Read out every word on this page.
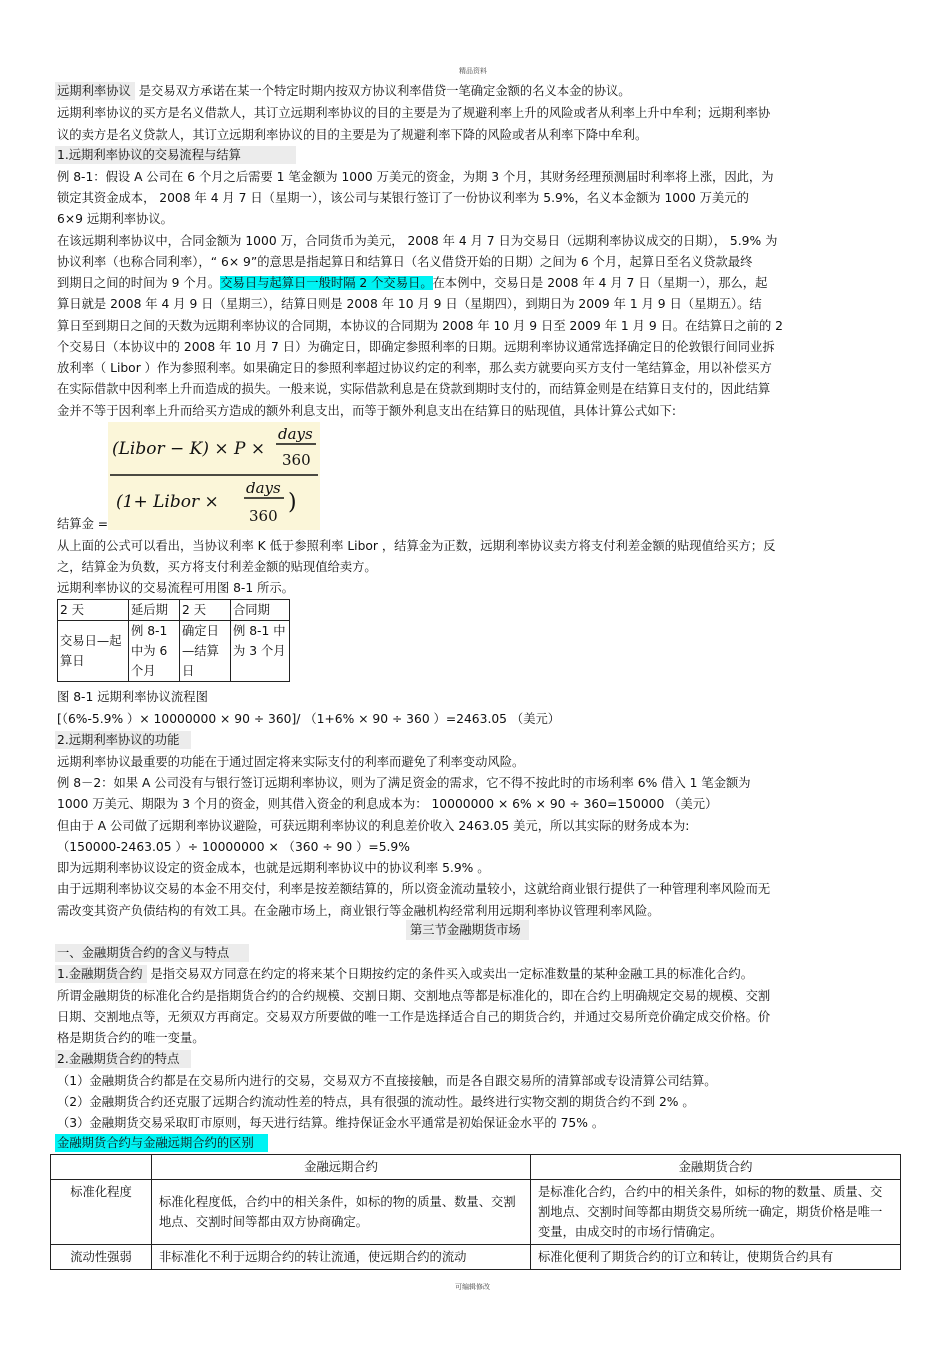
精品资料
远期利率协议 是交易双方承诺在某一个特定时期内按双方协议利率借贷一笔确定金额的名义本金的协议。
远期利率协议的买方是名义借款人，其订立远期利率协议的目的主要是为了规避利率上升的风险或者从利率上升中牟利；远期利率协
议的卖方是名义贷款人，其订立远期利率协议的目的主要是为了规避利率下降的风险或者从利率下降中牟利。
1.远期利率协议的交易流程与结算
例 8-1：假设 A 公司在 6 个月之后需要 1 笔金额为 1000 万美元的资金，为期 3 个月，其财务经理预测届时利率将上涨，因此，为
锁定其资金成本， 2008 年 4 月 7 日（星期一），该公司与某银行签订了一份协议利率为 5.9%，名义本金额为 1000 万美元的
6×9 远期利率协议。
在该远期利率协议中，合同金额为 1000 万，合同货币为美元， 2008 年 4 月 7 日为交易日（远期利率协议成交的日期）， 5.9% 为
协议利率（也称合同利率），“ 6× 9”的意思是指起算日和结算日（名义借贷开始的日期）之间为 6 个月，起算日至名义贷款最终
到期日之间的时间为 9 个月。交易日与起算日一般时隔 2 个交易日。在本例中，交易日是 2008 年 4 月 7 日（星期一），那么，起
算日就是 2008 年 4 月 9 日（星期三），结算日则是 2008 年 10 月 9 日（星期四），到期日为 2009 年 1 月 9 日（星期五）。结
算日至到期日之间的天数为远期利率协议的合同期，本协议的合同期为 2008 年 10 月 9 日至 2009 年 1 月 9 日。在结算日之前的 2
个交易日（本协议中的 2008 年 10 月 7 日）为确定日，即确定参照利率的日期。远期利率协议通常选择确定日的伦敦银行间同业拆
放利率（ Libor ）作为参照利率。如果确定日的参照利率超过协议约定的利率，那么卖方就要向买方支付一笔结算金，用以补偿买方
在实际借款中因利率上升而造成的损失。一般来说，实际借款利息是在贷款到期时支付的，而结算金则是在结算日支付的，因此结算
金并不等于因利率上升而给买方造成的额外利息支出，而等于额外利息支出在结算日的贴现值，具体计算公式如下:
(Libor − K) × P ×
days
360
(1+ Libor ×
days
360
)
结算金 =
从上面的公式可以看出，当协议利率 K 低于参照利率 Libor ，结算金为正数，远期利率协议卖方将支付利差金额的贴现值给买方；反
之，结算金为负数，买方将支付利差金额的贴现值给卖方。
远期利率协议的交易流程可用图 8-1 所示。
2 天	延后期	2 天	合同期
交易日—起算日	例 8-1 中为 6 个月	确定日—结算日	例 8-1 中为 3 个月
图 8-1 远期利率协议流程图
[（6%-5.9% ）× 10000000 × 90 ÷ 360]/ （1+6% × 90 ÷ 360 ）=2463.05 （美元）
2.远期利率协议的功能
远期利率协议最重要的功能在于通过固定将来实际支付的利率而避免了利率变动风险。
例 8－2：如果 A 公司没有与银行签订远期利率协议，则为了满足资金的需求，它不得不按此时的市场利率 6% 借入 1 笔金额为
1000 万美元、期限为 3 个月的资金，则其借入资金的利息成本为： 10000000 × 6% × 90 ÷ 360=150000 （美元）
但由于 A 公司做了远期利率协议避险，可获远期利率协议的利息差价收入 2463.05 美元，所以其实际的财务成本为:
（150000-2463.05 ）÷ 10000000 × （360 ÷ 90 ）=5.9%
即为远期利率协议设定的资金成本，也就是远期利率协议中的协议利率 5.9% 。
由于远期利率协议交易的本金不用交付，利率是按差额结算的，所以资金流动量较小，这就给商业银行提供了一种管理利率风险而无
需改变其资产负债结构的有效工具。在金融市场上，商业银行等金融机构经常利用远期利率协议管理利率风险。
第三节金融期货市场
一、金融期货合约的含义与特点
1.金融期货合约 是指交易双方同意在约定的将来某个日期按约定的条件买入或卖出一定标准数量的某种金融工具的标准化合约。
所谓金融期货的标准化合约是指期货合约的合约规模、交割日期、交割地点等都是标准化的，即在合约上明确规定交易的规模、交割
日期、交割地点等，无须双方再商定。交易双方所要做的唯一工作是选择适合自己的期货合约，并通过交易所竞价确定成交价格。价
格是期货合约的唯一变量。
2.金融期货合约的特点
（1）金融期货合约都是在交易所内进行的交易，交易双方不直接接触，而是各自跟交易所的清算部或专设清算公司结算。
（2）金融期货合约还克服了远期合约流动性差的特点，具有很强的流动性。最终进行实物交割的期货合约不到 2% 。
（3）金融期货交易采取盯市原则，每天进行结算。维持保证金水平通常是初始保证金水平的 75% 。
金融期货合约与金融远期合约的区别
	金融远期合约	金融期货合约
标准化程度	标准化程度低，合约中的相关条件，如标的物的质量、数量、交割地点、交割时间等都由双方协商确定。	是标准化合约，合约中的相关条件，如标的物的数量、质量、交割地点、交割时间等都由期货交易所统一确定，期货价格是唯一变量，由成交时的市场行情确定。
流动性强弱	非标准化不利于远期合约的转让流通，使远期合约的流动	标准化便利了期货合约的订立和转让，使期货合约具有
可编辑修改
